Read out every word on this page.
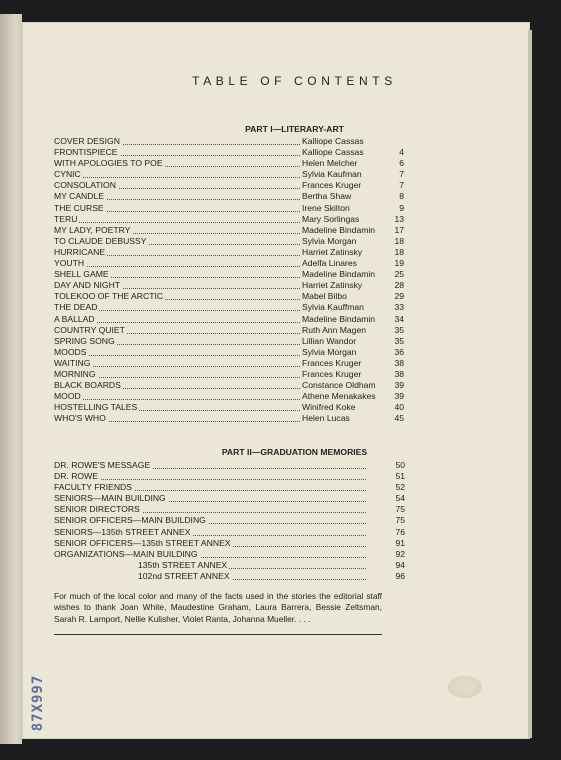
TABLE OF CONTENTS
PART I—LITERARY-ART
COVER DESIGN	Kalliope Cassas
FRONTISPIECE	Kalliope Cassas	4
WITH APOLOGIES TO POE	Helen Melcher	6
CYNIC	Sylvia Kaufman	7
CONSOLATION	Frances Kruger	7
MY CANDLE	Bertha Shaw	8
THE CURSE	Irene Skilton	9
TERU	Mary Sorlingas	13
MY LADY, POETRY	Madeline Bindamin	17
TO CLAUDE DEBUSSY	Sylvia Morgan	18
HURRICANE	Harriet Zatinsky	18
YOUTH	Adelfa Linares	19
SHELL GAME	Madeline Bindamin	25
DAY AND NIGHT	Harriet Zatinsky	28
TOLEKOO OF THE ARCTIC	Mabel Bilbo	29
THE DEAD	Sylvia Kauffman	33
A BALLAD	Madeline Bindamin	34
COUNTRY QUIET	Ruth Ann Magen	35
SPRING SONG	Lillian Wandor	35
MOODS	Sylvia Morgan	36
WAITING	Frances Kruger	38
MORNING	Frances Kruger	38
BLACK BOARDS	Constance Oldham	39
MOOD	Athene Menakakes	39
HOSTELLING TALES	Winifred Koke	40
WHO'S WHO	Helen Lucas	45
PART II—GRADUATION MEMORIES
DR. ROWE'S MESSAGE	50
DR. ROWE	51
FACULTY FRIENDS	52
SENIORS—MAIN BUILDING	54
SENIOR DIRECTORS	75
SENIOR OFFICERS—MAIN BUILDING	75
SENIORS—135th STREET ANNEX	76
SENIOR OFFICERS—135th STREET ANNEX	91
ORGANIZATIONS—MAIN BUILDING	92
135th STREET ANNEX	94
102nd STREET ANNEX	96
For much of the local color and many of the facts used in the stories the editorial staff wishes to thank Joan White, Maudestine Graham, Laura Barrera, Bessie Zeltsman, Sarah R. Lamport, Nellie Kulisher, Violet Ranta, Johanna Mueller. . . .
87X997
